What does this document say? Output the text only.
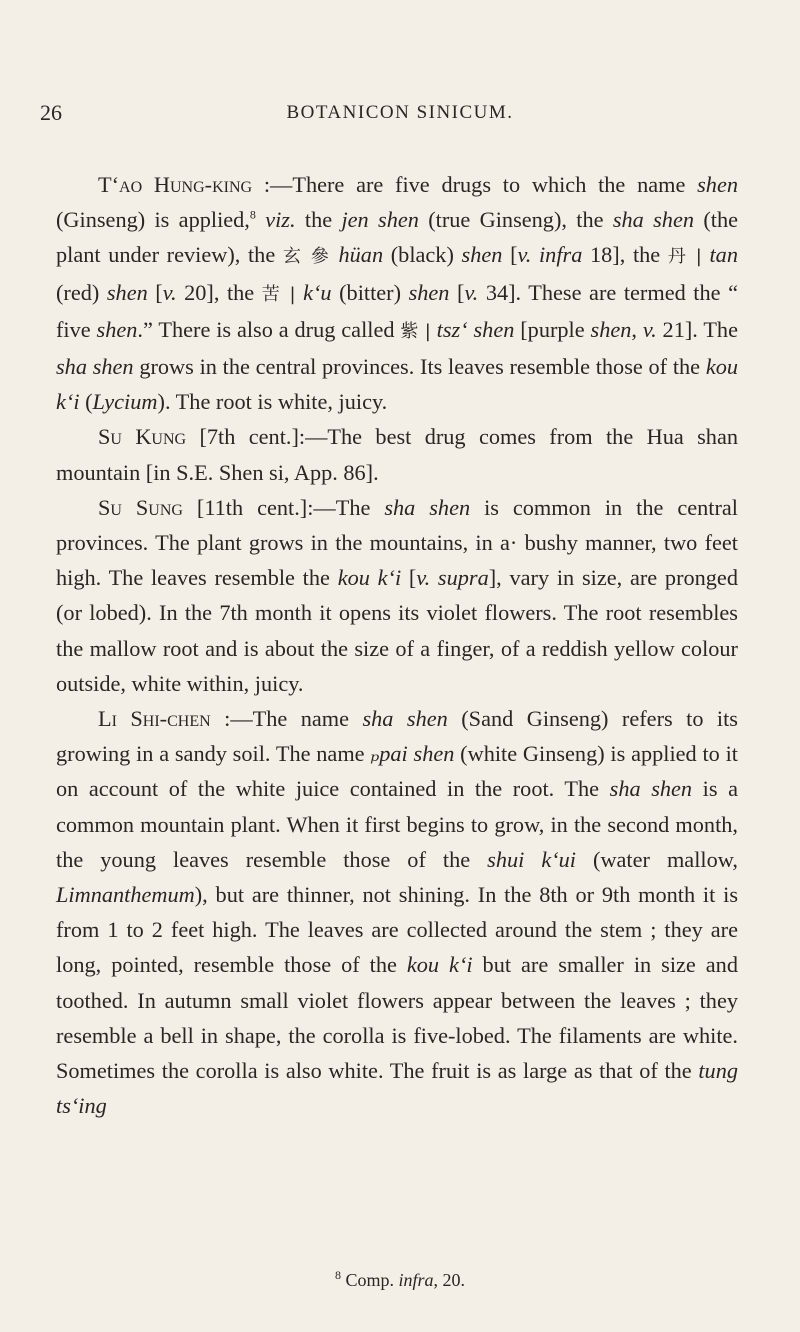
26	BOTANICON SINICUM.

T‘ao Hung-king :—There are five drugs to which the name shen (Ginseng) is applied,$^8$ viz. the jen shen (true Ginseng), the sha shen (the plant under review), the 玄 參 hüan (black) shen [v. infra 18], the 丹 | tan (red) shen [v. 20], the 苦 | k‘u (bitter) shen [v. 34]. These are termed the “ five shen.” There is also a drug called 紫 | tsz‘ shen [purple shen, v. 21]. The sha shen grows in the central provinces. Its leaves resemble those of the kou k‘i (Lycium). The root is white, juicy.

Su Kung [7th cent.]:—The best drug comes from the Hua shan mountain [in S.E. Shen si, App. 86].

Su Sung [11th cent.]:—The sha shen is common in the central provinces. The plant grows in the mountains, in a· bushy manner, two feet high. The leaves resemble the kou k‘i [v. supra], vary in size, are pronged (or lobed). In the 7th month it opens its violet flowers. The root resembles the mallow root and is about the size of a finger, of a reddish yellow colour outside, white within, juicy.

Li Shi-chen :—The name sha shen (Sand Ginseng) refers to its growing in a sandy soil. The name ₚpai shen (white Ginseng) is applied to it on account of the white juice contained in the root. The sha shen is a common mountain plant. When it first begins to grow, in the second month, the young leaves resemble those of the shui k‘ui (water mallow, Limnanthemum), but are thinner, not shining. In the 8th or 9th month it is from 1 to 2 feet high. The leaves are collected around the stem ; they are long, pointed, resemble those of the kou k‘i but are smaller in size and toothed. In autumn small violet flowers appear between the leaves ; they resemble a bell in shape, the corolla is five-lobed. The filaments are white. Sometimes the corolla is also white. The fruit is as large as that of the tung ts‘ing

$^8$ Comp. infra, 20.
